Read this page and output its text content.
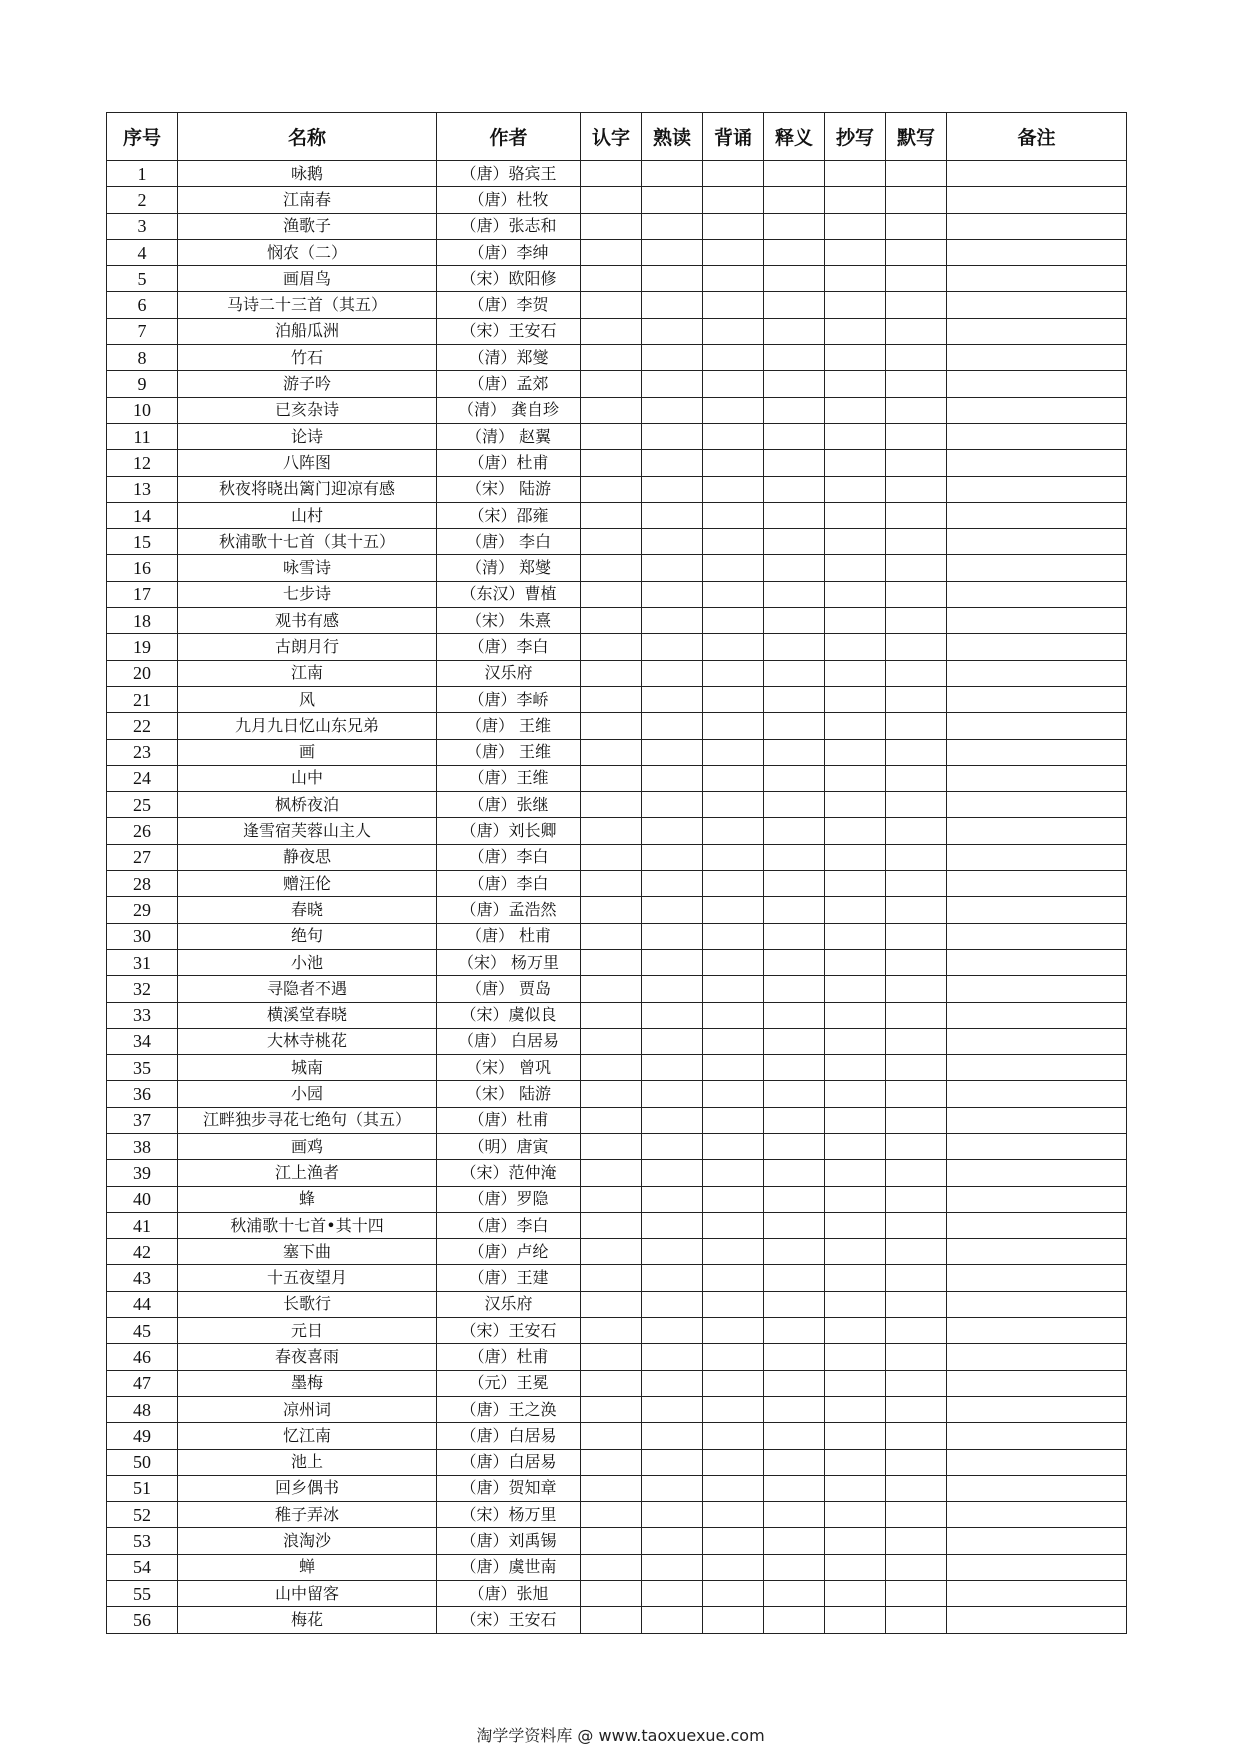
序号	名称	作者	认字	熟读	背诵	释义	抄写	默写	备注
1	咏鹅	（唐）骆宾王							
2	江南春	（唐）杜牧							
3	渔歌子	（唐）张志和							
4	悯农（二）	（唐）李绅							
5	画眉鸟	（宋）欧阳修							
6	马诗二十三首（其五）	（唐）李贺							
7	泊船瓜洲	（宋）王安石							
8	竹石	（清）郑燮							
9	游子吟	（唐）孟郊							
10	已亥杂诗	（清） 龚自珍							
11	论诗	（清） 赵翼							
12	八阵图	（唐）杜甫							
13	秋夜将晓出篱门迎凉有感	（宋） 陆游							
14	山村	（宋）邵雍							
15	秋浦歌十七首（其十五）	（唐） 李白							
16	咏雪诗	（清） 郑燮							
17	七步诗	（东汉）曹植							
18	观书有感	（宋） 朱熹							
19	古朗月行	（唐）李白							
20	江南	汉乐府							
21	风	（唐）李峤							
22	九月九日忆山东兄弟	（唐） 王维							
23	画	（唐） 王维							
24	山中	（唐）王维							
25	枫桥夜泊	（唐）张继							
26	逢雪宿芙蓉山主人	（唐）刘长卿							
27	静夜思	（唐）李白							
28	赠汪伦	（唐）李白							
29	春晓	（唐）孟浩然							
30	绝句	（唐） 杜甫							
31	小池	（宋） 杨万里							
32	寻隐者不遇	（唐） 贾岛							
33	横溪堂春晓	（宋）虞似良							
34	大林寺桃花	（唐） 白居易							
35	城南	（宋） 曾巩							
36	小园	（宋） 陆游							
37	江畔独步寻花七绝句（其五）	（唐）杜甫							
38	画鸡	（明）唐寅							
39	江上渔者	（宋）范仲淹							
40	蜂	（唐）罗隐							
41	秋浦歌十七首•其十四	（唐）李白							
42	塞下曲	（唐）卢纶							
43	十五夜望月	（唐）王建							
44	长歌行	汉乐府							
45	元日	（宋）王安石							
46	春夜喜雨	（唐）杜甫							
47	墨梅	（元）王冕							
48	凉州词	（唐）王之涣							
49	忆江南	（唐）白居易							
50	池上	（唐）白居易							
51	回乡偶书	（唐）贺知章							
52	稚子弄冰	（宋）杨万里							
53	浪淘沙	（唐）刘禹锡							
54	蝉	（唐）虞世南							
55	山中留客	（唐）张旭							
56	梅花	（宋）王安石							
淘学学资料库 @ www.taoxuexue.com
